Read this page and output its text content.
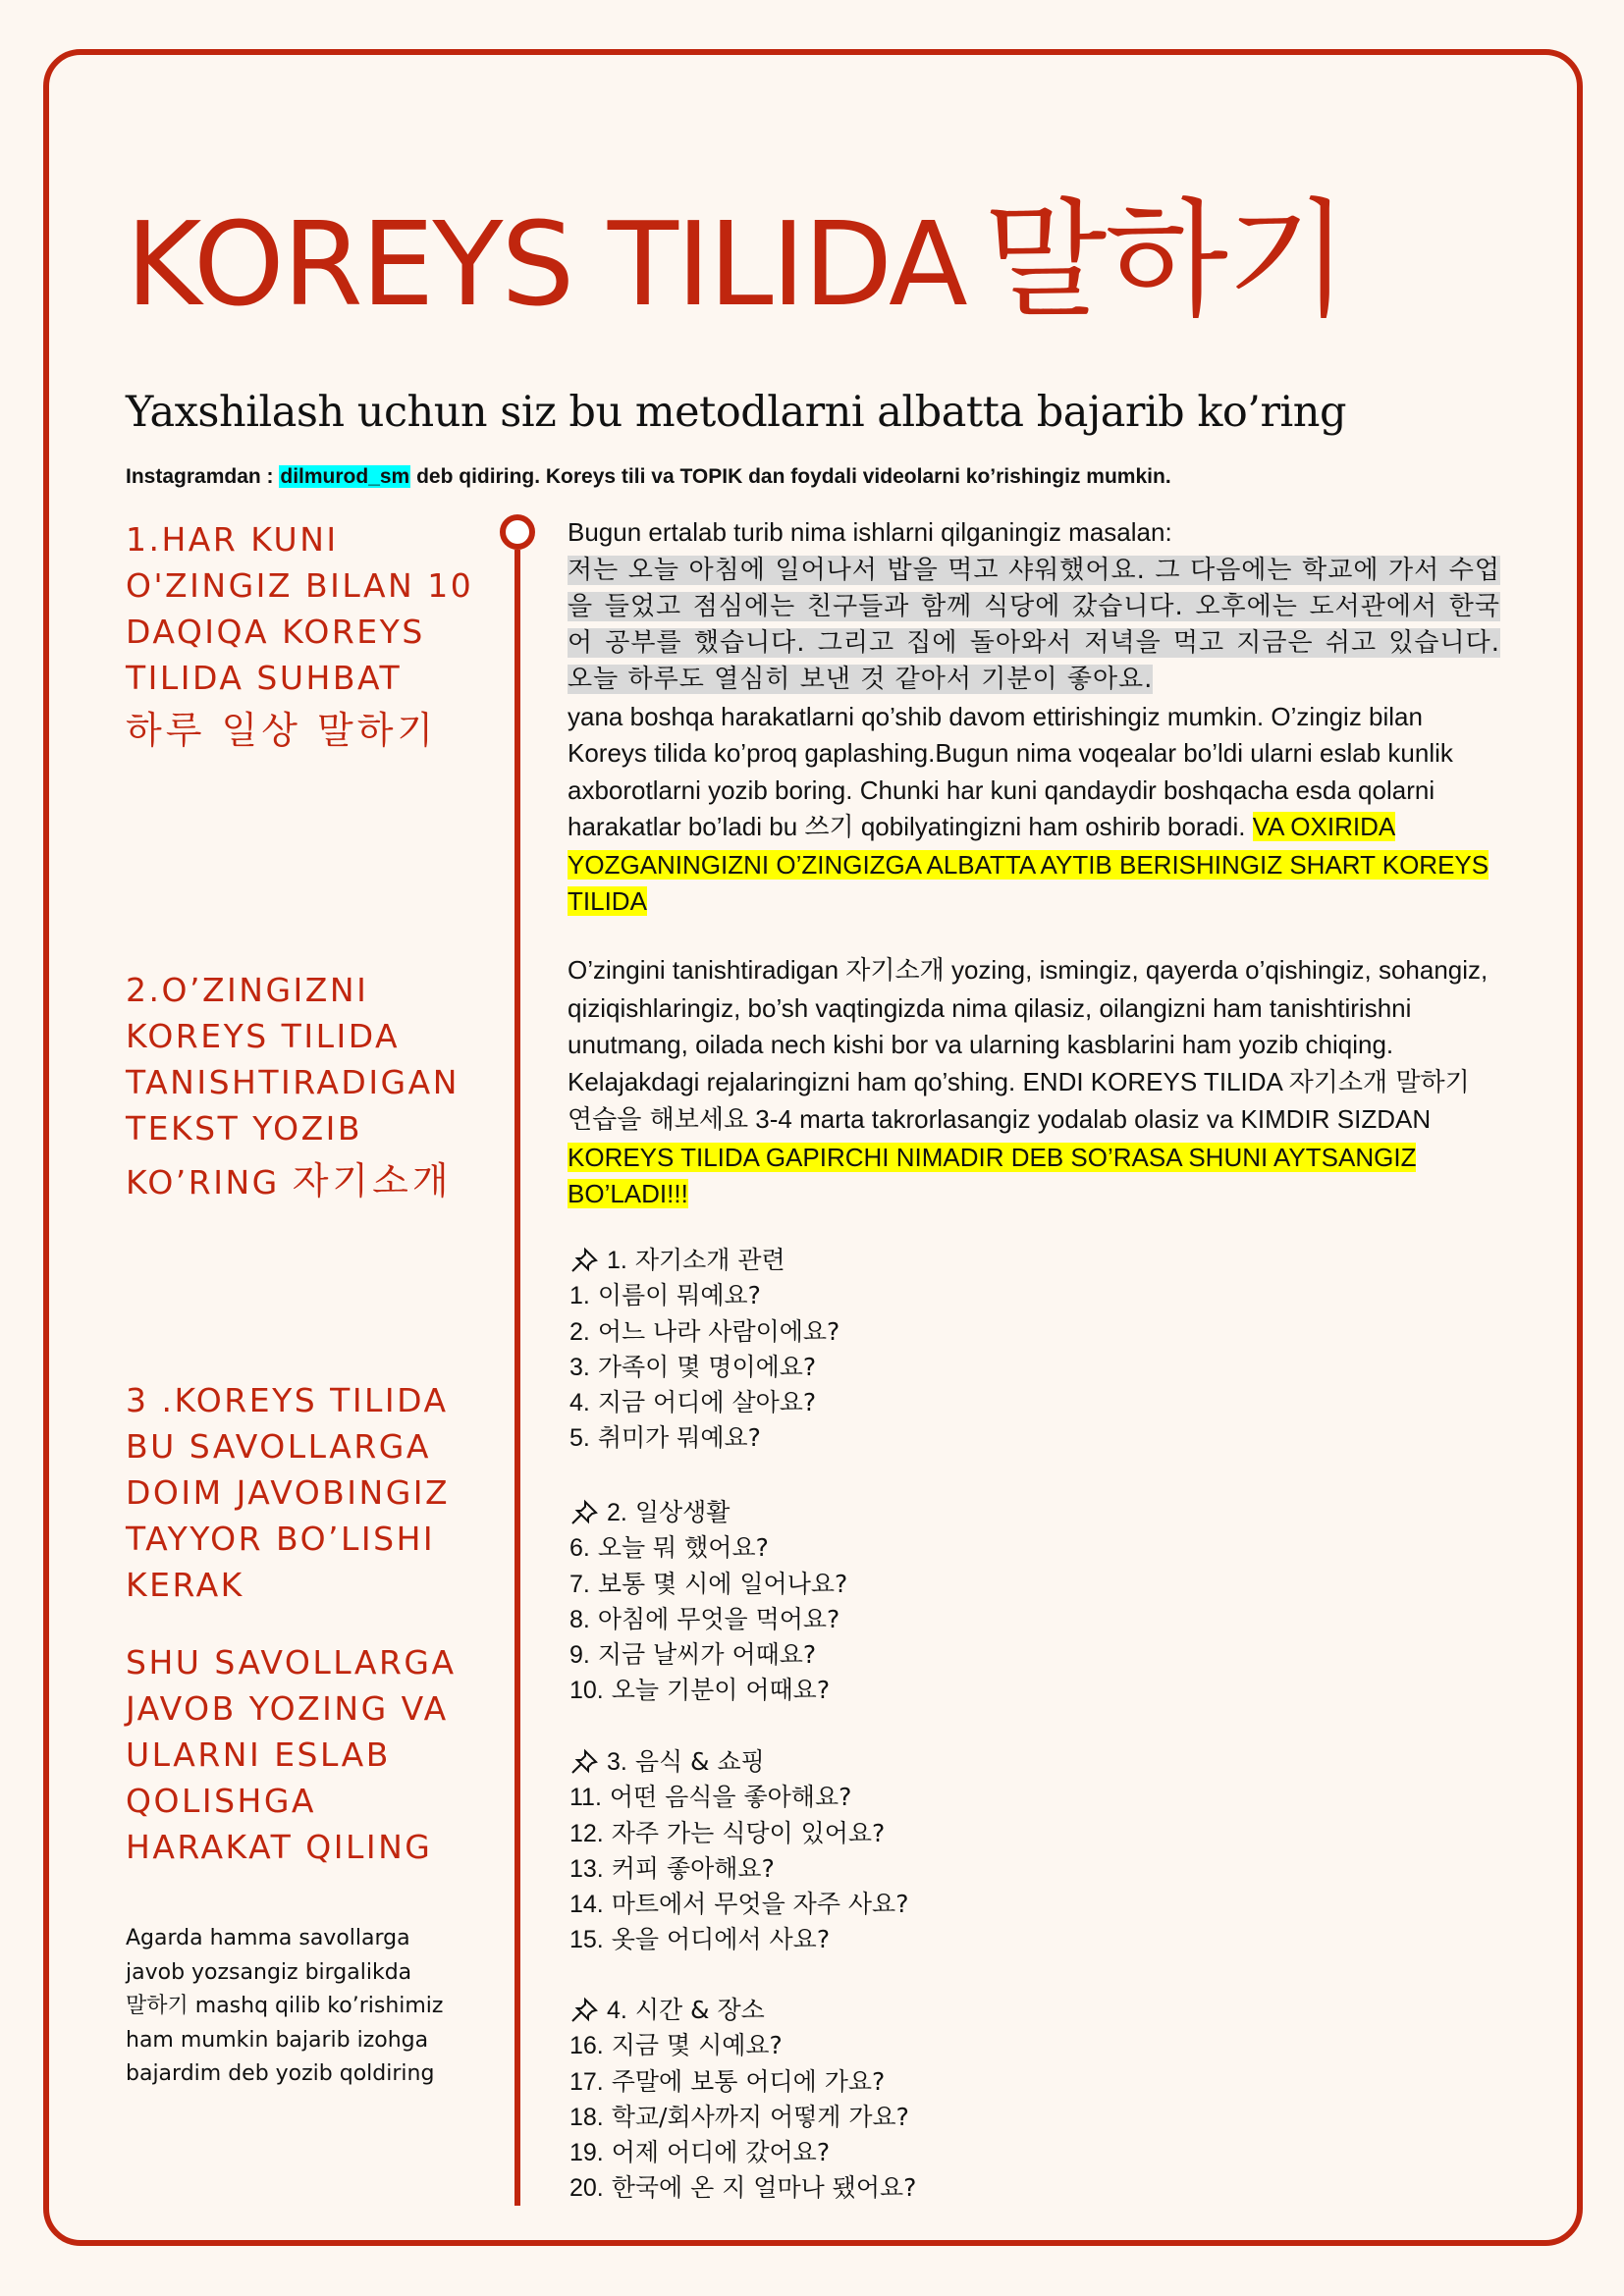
KOREYS TILIDA 말하기
Yaxshilash uchun siz bu metodlarni albatta bajarib ko’ring
Instagramdan : dilmurod_sm deb qidiring. Koreys tili va TOPIK dan foydali videolarni ko’rishingiz mumkin.
1.HAR KUNI
O'ZINGIZ BILAN 10
DAQIQA KOREYS
TILIDA SUHBAT
하루 일상 말하기
2.O’ZINGIZNI
KOREYS TILIDA
TANISHTIRADIGAN
TEKST YOZIB
KO’RING 자기소개
3 .KOREYS TILIDA
BU SAVOLLARGA
DOIM JAVOBINGIZ
TAYYOR BO’LISHI
KERAK
SHU SAVOLLARGA
JAVOB YOZING VA
ULARNI ESLAB
QOLISHGA
HARAKAT QILING
Agarda hamma savollarga
javob yozsangiz birgalikda
말하기 mashq qilib ko’rishimiz
ham mumkin bajarib izohga
bajardim deb yozib qoldiring
Bugun ertalab turib nima ishlarni qilganingiz masalan:

저는 오늘 아침에 일어나서 밥을 먹고 샤워했어요. 그 다음에는 학교에 가서 수업을 들었고 점심에는 친구들과 함께 식당에 갔습니다. 오후에는 도서관에서 한국어 공부를 했습니다. 그리고 집에 돌아와서 저녁을 먹고 지금은 쉬고 있습니다. 오늘 하루도 열심히 보낸 것 같아서 기분이 좋아요.

yana boshqa harakatlarni qo’shib davom ettirishingiz mumkin. O’zingiz bilan Koreys tilida ko’proq gaplashing.Bugun nima voqealar bo’ldi ularni eslab kunlik axborotlarni yozib boring. Chunki har kuni qandaydir boshqacha esda qolarni harakatlar bo’ladi bu 쓰기 qobilyatingizni ham oshirib boradi. VA OXIRIDA YOZGANINGIZNI O’ZINGIZGA ALBATTA AYTIB BERISHINGIZ SHART KOREYS TILIDA
O’zingini tanishtiradigan 자기소개 yozing, ismingiz, qayerda o’qishingiz, sohangiz, qiziqishlaringiz, bo’sh vaqtingizda nima qilasiz, oilangizni ham tanishtirishni unutmang, oilada nech kishi bor va ularning kasblarini ham yozib chiqing. Kelajakdagi rejalaringizni ham qo’shing. ENDI KOREYS TILIDA 자기소개 말하기 연습을 해보세요 3-4 marta takrorlasangiz yodalab olasiz va KIMDIR SIZDAN KOREYS TILIDA GAPIRCHI NIMADIR DEB SO’RASA SHUNI AYTSANGIZ BO’LADI!!!
1.
자기소개 관련
1. 이름이 뭐예요?
2. 어느 나라 사람이에요?
3. 가족이 몇 명이에요?
4. 지금 어디에 살아요?
5. 취미가 뭐예요?
2.
일상생활
6. 오늘 뭐 했어요?
7. 보통 몇 시에 일어나요?
8. 아침에 무엇을 먹어요?
9. 지금 날씨가 어때요?
10. 오늘 기분이 어때요?
3.
음식 & 쇼핑
11. 어떤 음식을 좋아해요?
12. 자주 가는 식당이 있어요?
13. 커피 좋아해요?
14. 마트에서 무엇을 자주 사요?
15. 옷을 어디에서 사요?
4.
시간 & 장소
16. 지금 몇 시예요?
17. 주말에 보통 어디에 가요?
18. 학교/회사까지 어떻게 가요?
19. 어제 어디에 갔어요?
20. 한국에 온 지 얼마나 됐어요?
